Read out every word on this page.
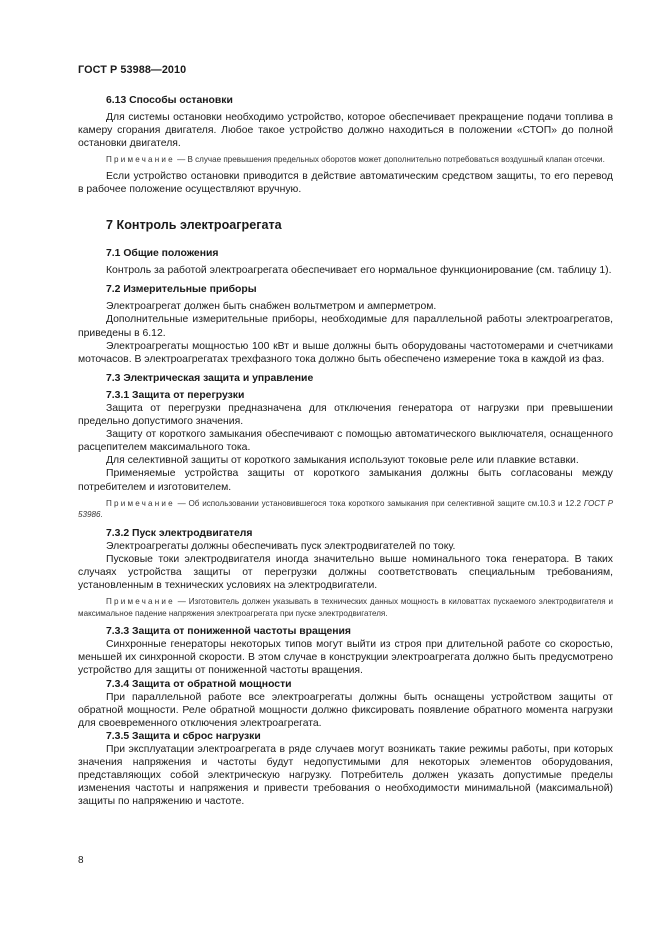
ГОСТ Р 53988—2010

6.13 Способы остановки

Для системы остановки необходимо устройство, которое обеспечивает прекращение подачи топлива в камеру сгорания двигателя. Любое такое устройство должно находиться в положении «СТОП» до полной остановки двигателя.

Примечание — В случае превышения предельных оборотов может дополнительно потребоваться воздушный клапан отсечки.

Если устройство остановки приводится в действие автоматическим средством защиты, то его перевод в рабочее положение осуществляют вручную.

7 Контроль электроагрегата

7.1 Общие положения

Контроль за работой электроагрегата обеспечивает его нормальное функционирование (см. таблицу 1).

7.2 Измерительные приборы

Электроагрегат должен быть снабжен вольтметром и амперметром.

Дополнительные измерительные приборы, необходимые для параллельной работы электроагрегатов, приведены в 6.12.

Электроагрегаты мощностью 100 кВт и выше должны быть оборудованы частотомерами и счетчиками моточасов. В электроагрегатах трехфазного тока должно быть обеспечено измерение тока в каждой из фаз.

7.3 Электрическая защита и управление

7.3.1 Защита от перегрузки

Защита от перегрузки предназначена для отключения генератора от нагрузки при превышении предельно допустимого значения.

Защиту от короткого замыкания обеспечивают с помощью автоматического выключателя, оснащенного расцепителем максимального тока.

Для селективной защиты от короткого замыкания используют токовые реле или плавкие вставки.

Применяемые устройства защиты от короткого замыкания должны быть согласованы между потребителем и изготовителем.

Примечание — Об использовании установившегося тока короткого замыкания при селективной защите см.10.3 и 12.2 ГОСТ Р 53986.

7.3.2 Пуск электродвигателя

Электроагрегаты должны обеспечивать пуск электродвигателей по току.

Пусковые токи электродвигателя иногда значительно выше номинального тока генератора. В таких случаях устройства защиты от перегрузки должны соответствовать специальным требованиям, установленным в технических условиях на электродвигатели.

Примечание — Изготовитель должен указывать в технических данных мощность в киловаттах пускаемого электродвигателя и максимальное падение напряжения электроагрегата при пуске электродвигателя.

7.3.3 Защита от пониженной частоты вращения

Синхронные генераторы некоторых типов могут выйти из строя при длительной работе со скоростью, меньшей их синхронной скорости. В этом случае в конструкции электроагрегата должно быть предусмотрено устройство для защиты от пониженной частоты вращения.

7.3.4 Защита от обратной мощности

При параллельной работе все электроагрегаты должны быть оснащены устройством защиты от обратной мощности. Реле обратной мощности должно фиксировать появление обратного момента нагрузки для своевременного отключения электроагрегата.

7.3.5 Защита и сброс нагрузки

При эксплуатации электроагрегата в ряде случаев могут возникать такие режимы работы, при которых значения напряжения и частоты будут недопустимыми для некоторых элементов оборудования, представляющих собой электрическую нагрузку. Потребитель должен указать допустимые пределы изменения частоты и напряжения и привести требования о необходимости минимальной (максимальной) защиты по напряжению и частоте.

8
